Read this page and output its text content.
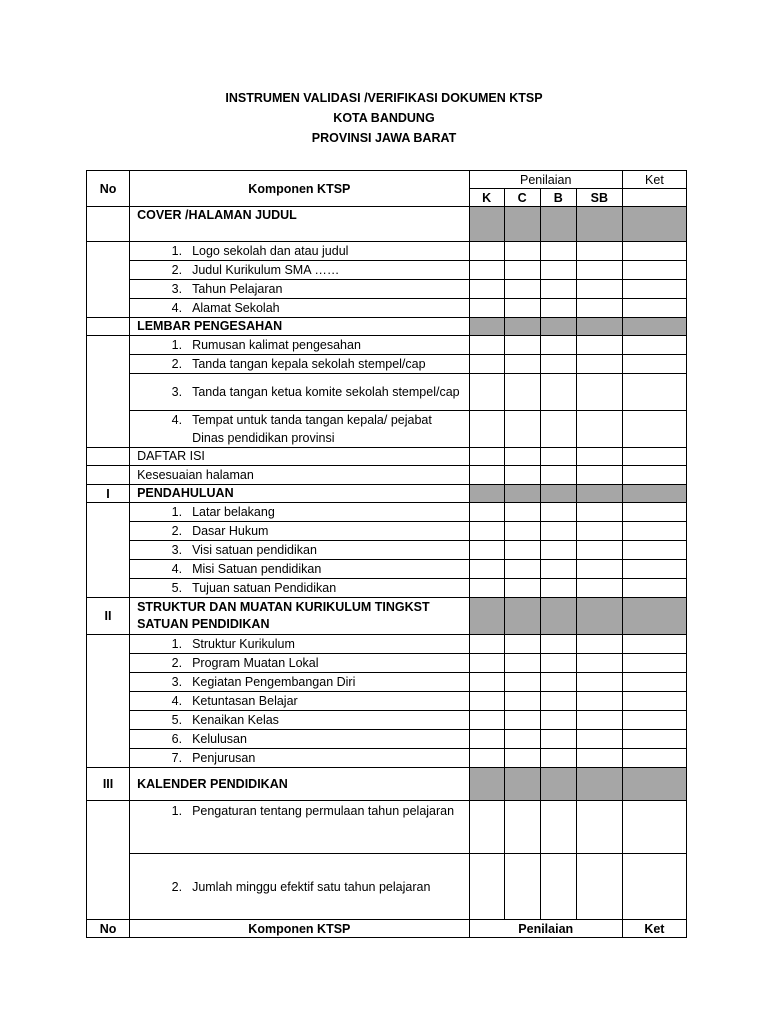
INSTRUMEN VALIDASI /VERIFIKASI DOKUMEN KTSP
KOTA BANDUNG
PROVINSI JAWA BARAT
No	Komponen KTSP	Penilaian				Ket
		K	C	B	SB	
	COVER /HALAMAN JUDUL					

	1. Logo sekolah dan atau judul					

	2. Judul Kurikulum SMA ……					

	3. Tahun Pelajaran					

	4. Alamat Sekolah					

	LEMBAR PENGESAHAN					

	1. Rumusan kalimat pengesahan					

	2. Tanda tangan kepala sekolah stempel/cap					

	3. Tanda tangan ketua komite sekolah stempel/cap					

	4. Tempat untuk tanda tangan kepala/ pejabat Dinas pendidikan provinsi					

	DAFTAR ISI					
	Kesesuaian halaman					
I	PENDAHULUAN					

	1. Latar belakang					

	2. Dasar Hukum					

	3. Visi satuan pendidikan					

	4. Misi Satuan pendidikan					

	5. Tujuan satuan Pendidikan					

II	STRUKTUR DAN MUATAN KURIKULUM TINGKST SATUAN PENDIDIKAN					

	1. Struktur Kurikulum					

	2. Program Muatan Lokal					

	3. Kegiatan Pengembangan Diri					

	4. Ketuntasan Belajar					

	5. Kenaikan Kelas					

	6. Kelulusan					

	7. Penjurusan					

III	KALENDER PENDIDIKAN					

	1. Pengaturan tentang permulaan tahun pelajaran					

	2. Jumlah minggu efektif satu tahun pelajaran					

No	Komponen KTSP	Penilaian				Ket
